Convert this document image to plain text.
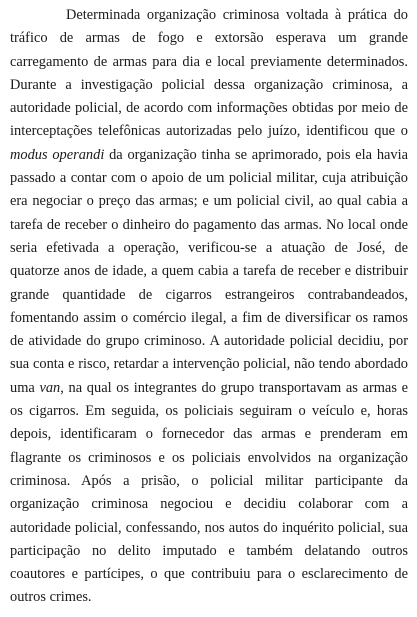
Determinada organização criminosa voltada à prática do tráfico de armas de fogo e extorsão esperava um grande carregamento de armas para dia e local previamente determinados. Durante a investigação policial dessa organização criminosa, a autoridade policial, de acordo com informações obtidas por meio de interceptações telefônicas autorizadas pelo juízo, identificou que o modus operandi da organização tinha se aprimorado, pois ela havia passado a contar com o apoio de um policial militar, cuja atribuição era negociar o preço das armas; e um policial civil, ao qual cabia a tarefa de receber o dinheiro do pagamento das armas. No local onde seria efetivada a operação, verificou-se a atuação de José, de quatorze anos de idade, a quem cabia a tarefa de receber e distribuir grande quantidade de cigarros estrangeiros contrabandeados, fomentando assim o comércio ilegal, a fim de diversificar os ramos de atividade do grupo criminoso. A autoridade policial decidiu, por sua conta e risco, retardar a intervenção policial, não tendo abordado uma van, na qual os integrantes do grupo transportavam as armas e os cigarros. Em seguida, os policiais seguiram o veículo e, horas depois, identificaram o fornecedor das armas e prenderam em flagrante os criminosos e os policiais envolvidos na organização criminosa. Após a prisão, o policial militar participante da organização criminosa negociou e decidiu colaborar com a autoridade policial, confessando, nos autos do inquérito policial, sua participação no delito imputado e também delatando outros coautores e partícipes, o que contribuiu para o esclarecimento de outros crimes.
